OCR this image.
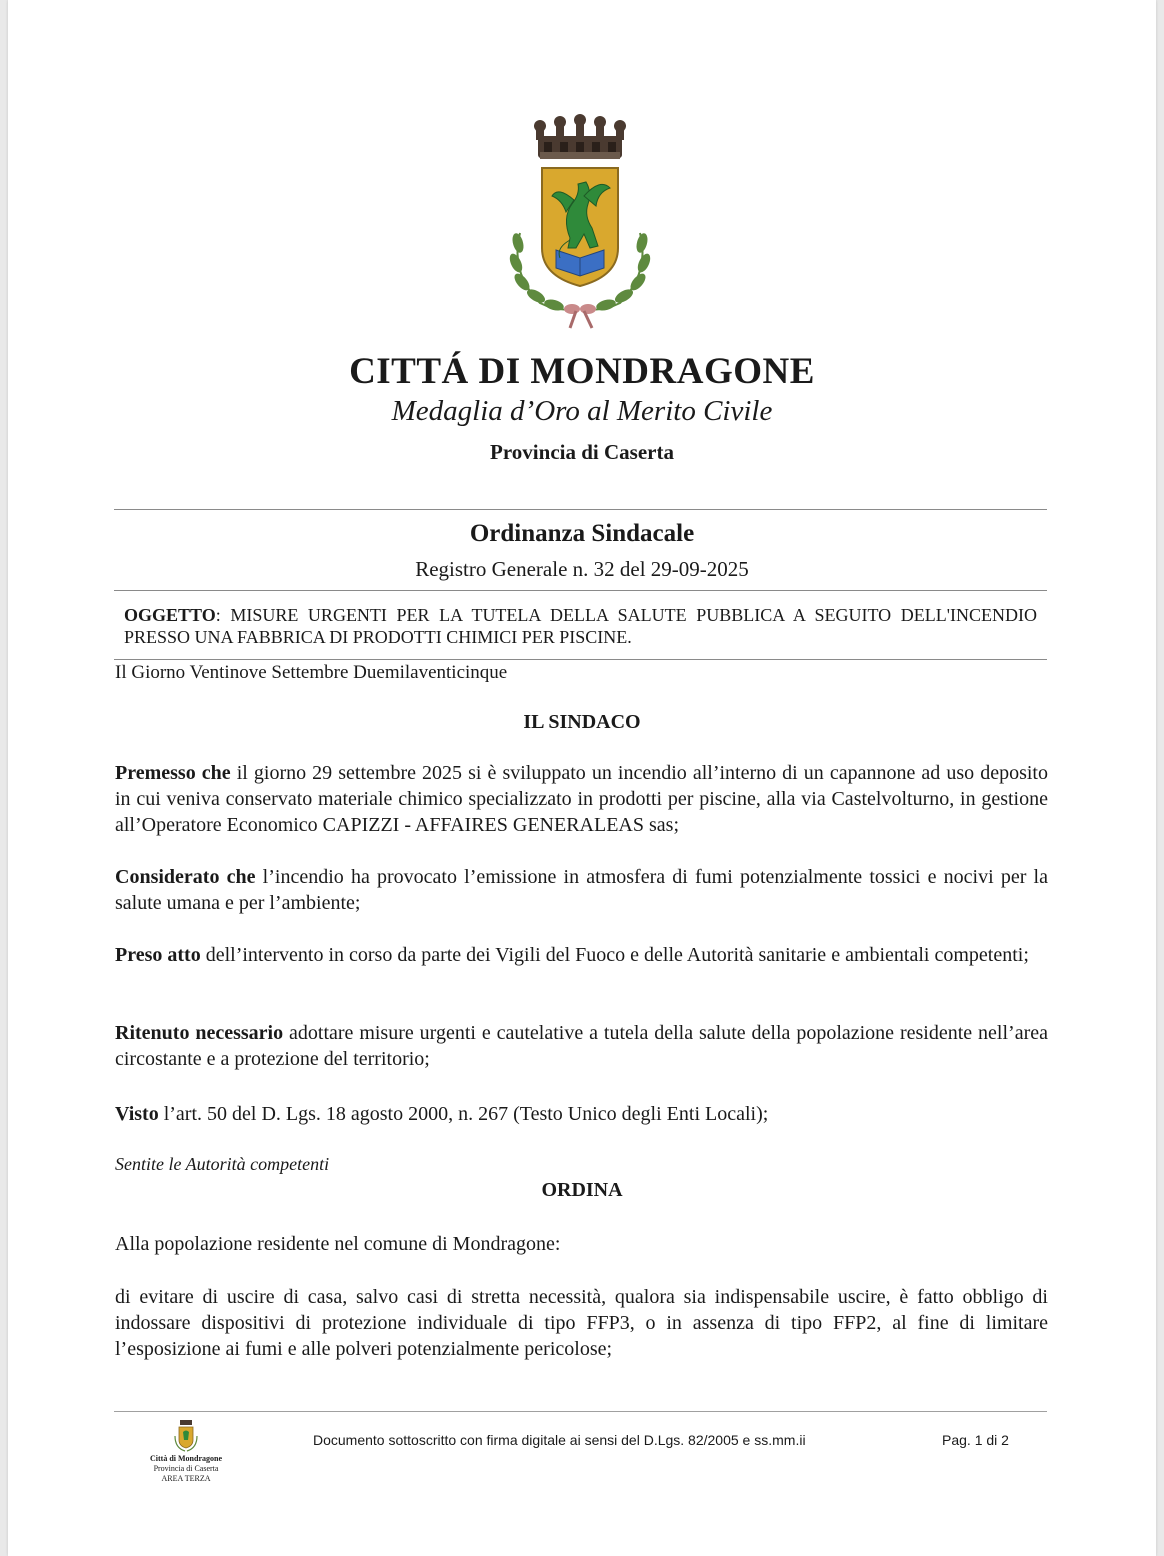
CITTÁ DI MONDRAGONE
Medaglia d’Oro al Merito Civile
Provincia di Caserta
Ordinanza Sindacale
Registro Generale n. 32 del 29-09-2025
OGGETTO: MISURE URGENTI PER LA TUTELA DELLA SALUTE PUBBLICA A SEGUITO DELL'INCENDIO PRESSO UNA FABBRICA DI PRODOTTI CHIMICI PER PISCINE.
Il Giorno Ventinove Settembre Duemilaventicinque
IL SINDACO
Premesso che il giorno 29 settembre 2025 si è sviluppato un incendio all’interno di un capannone ad uso deposito in cui veniva conservato materiale chimico specializzato in prodotti per piscine, alla via Castelvolturno, in gestione all’Operatore Economico CAPIZZI - AFFAIRES GENERALEAS sas;
Considerato che l’incendio ha provocato l’emissione in atmosfera di fumi potenzialmente tossici e nocivi per la salute umana e per l’ambiente;
Preso atto dell’intervento in corso da parte dei Vigili del Fuoco e delle Autorità sanitarie e ambientali competenti;
Ritenuto necessario adottare misure urgenti e cautelative a tutela della salute della popolazione residente nell’area circostante e a protezione del territorio;
Visto l’art. 50 del D. Lgs. 18 agosto 2000, n. 267 (Testo Unico degli Enti Locali);
Sentite le Autorità competenti
ORDINA
Alla popolazione residente nel comune di Mondragone:
di evitare di uscire di casa, salvo casi di stretta necessità, qualora sia indispensabile uscire, è fatto obbligo di indossare dispositivi di protezione individuale di tipo FFP3, o in assenza di tipo FFP2, al fine di limitare l’esposizione ai fumi e alle polveri potenzialmente pericolose;
Città di Mondragone
Provincia di Caserta
AREA TERZA
Documento sottoscritto con firma digitale ai sensi del D.Lgs. 82/2005 e ss.mm.ii	Pag. 1 di 2
